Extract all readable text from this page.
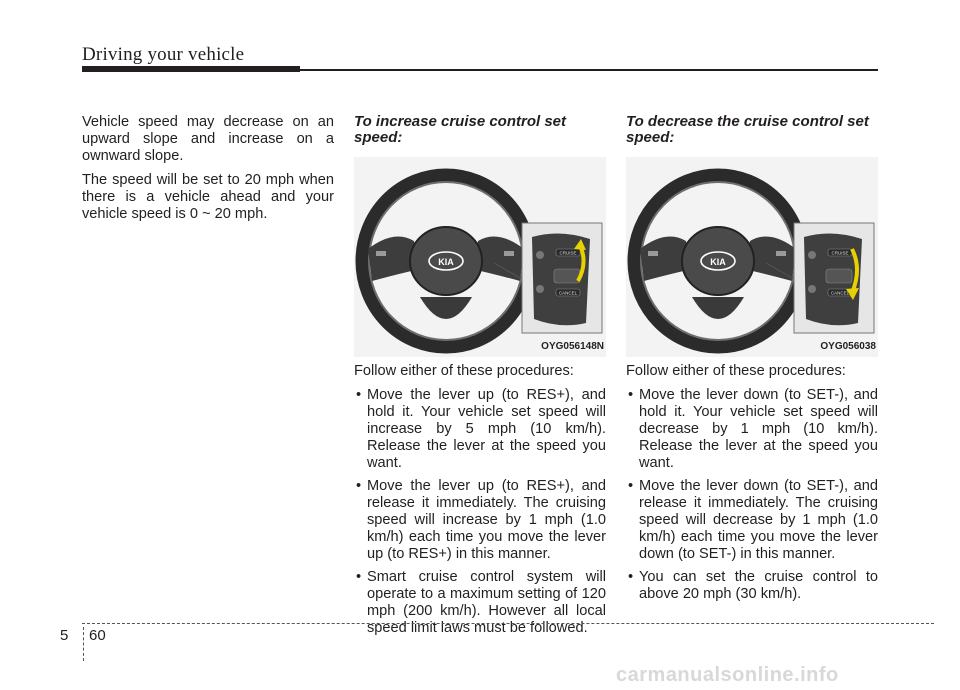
Driving your vehicle

Vehicle speed may decrease on an upward slope and increase on a ownward slope.

The speed will be set to 20 mph when there is a vehicle ahead and your vehicle speed is 0 ~ 20 mph.

To increase cruise control set speed:
KIA
CRUISE
CANCEL
OYG056148N

Follow either of these procedures:

• Move the lever up (to RES+), and hold it. Your vehicle set speed will increase by 5 mph (10 km/h). Release the lever at the speed you want.
• Move the lever up (to RES+), and release it immediately. The cruising speed will increase by 1 mph (1.0 km/h) each time you move the lever up (to RES+) in this manner.
• Smart cruise control system will operate to a maximum setting of 120 mph (200 km/h). However all local speed limit laws must be followed.
To decrease the cruise control set speed:
KIA
CRUISE
CANCEL
OYG056038

Follow either of these procedures:

• Move the lever down (to SET-), and hold it. Your vehicle set speed will decrease by 1 mph (10 km/h). Release the lever at the speed you want.
• Move the lever down (to SET-), and release it immediately. The cruising speed will decrease by 1 mph (1.0 km/h) each time you move the lever down (to SET-) in this manner.
• You can set the cruise control to above 20 mph (30 km/h).
5 60
carmanualsonline.info
